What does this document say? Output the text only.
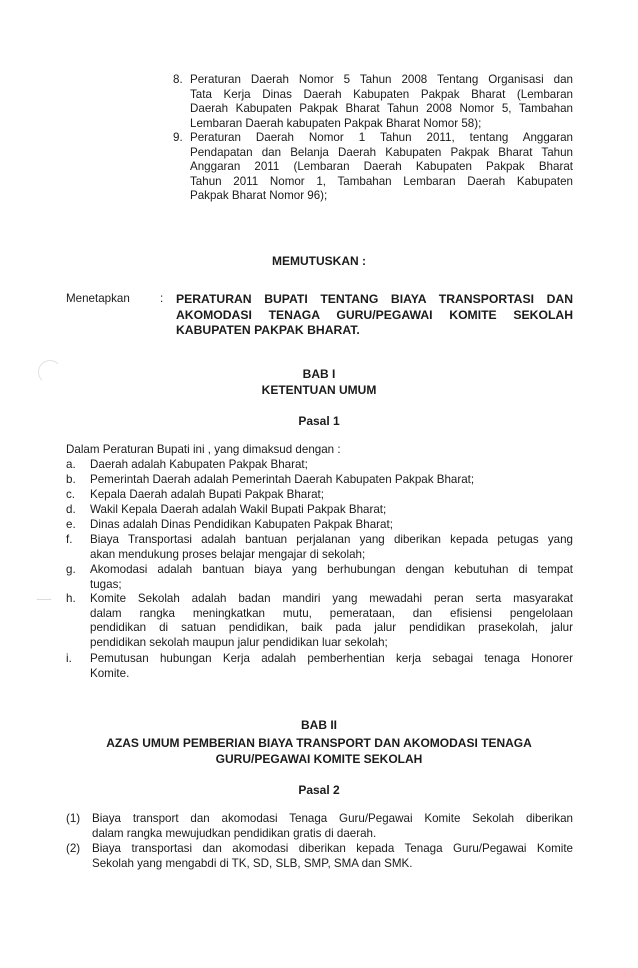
8. Peraturan Daerah Nomor 5 Tahun 2008 Tentang Organisasi dan
Tata Kerja Dinas Daerah Kabupaten Pakpak Bharat (Lembaran
Daerah Kabupaten Pakpak Bharat Tahun 2008 Nomor 5, Tambahan
Lembaran Daerah kabupaten Pakpak Bharat Nomor 58);
9. Peraturan Daerah Nomor 1 Tahun 2011, tentang Anggaran
Pendapatan dan Belanja Daerah Kabupaten Pakpak Bharat Tahun
Anggaran 2011 (Lembaran Daerah Kabupaten Pakpak Bharat
Tahun 2011 Nomor 1, Tambahan Lembaran Daerah Kabupaten
Pakpak Bharat Nomor 96);
MEMUTUSKAN :
Menetapkan	: PERATURAN BUPATI TENTANG BIAYA TRANSPORTASI DAN
AKOMODASI TENAGA GURU/PEGAWAI KOMITE SEKOLAH
KABUPATEN PAKPAK BHARAT.
BAB I
KETENTUAN UMUM
Pasal 1
Dalam Peraturan Bupati ini , yang dimaksud dengan :
a. Daerah adalah Kabupaten Pakpak Bharat;
b. Pemerintah Daerah adalah Pemerintah Daerah Kabupaten Pakpak Bharat;
c. Kepala Daerah adalah Bupati Pakpak Bharat;
d. Wakil Kepala Daerah adalah Wakil Bupati Pakpak Bharat;
e. Dinas adalah Dinas Pendidikan Kabupaten Pakpak Bharat;
f. Biaya Transportasi adalah bantuan perjalanan yang diberikan kepada petugas yang
akan mendukung proses belajar mengajar di sekolah;
g. Akomodasi adalah bantuan biaya yang berhubungan dengan kebutuhan di tempat
tugas;
h. Komite Sekolah adalah badan mandiri yang mewadahi peran serta masyarakat
dalam rangka meningkatkan mutu, pemerataan, dan efisiensi pengelolaan
pendidikan di satuan pendidikan, baik pada jalur pendidikan prasekolah, jalur
pendidikan sekolah maupun jalur pendidikan luar sekolah;
i. Pemutusan hubungan Kerja adalah pemberhentian kerja sebagai tenaga Honorer
Komite.
BAB II
AZAS UMUM PEMBERIAN BIAYA TRANSPORT DAN AKOMODASI TENAGA
GURU/PEGAWAI KOMITE SEKOLAH
Pasal 2
(1) Biaya transport dan akomodasi Tenaga Guru/Pegawai Komite Sekolah diberikan
dalam rangka mewujudkan pendidikan gratis di daerah.
(2) Biaya transportasi dan akomodasi diberikan kepada Tenaga Guru/Pegawai Komite
Sekolah yang mengabdi di TK, SD, SLB, SMP, SMA dan SMK.
